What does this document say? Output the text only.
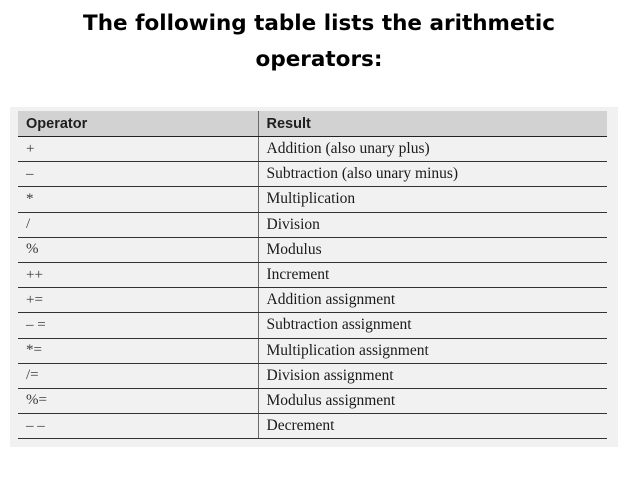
The following table lists the arithmetic
operators:
Operator	Result
+	Addition (also unary plus)
–	Subtraction (also unary minus)
*	Multiplication
/	Division
%	Modulus
++	Increment
+=	Addition assignment
– =	Subtraction assignment
*=	Multiplication assignment
/=	Division assignment
%=	Modulus assignment
– –	Decrement
